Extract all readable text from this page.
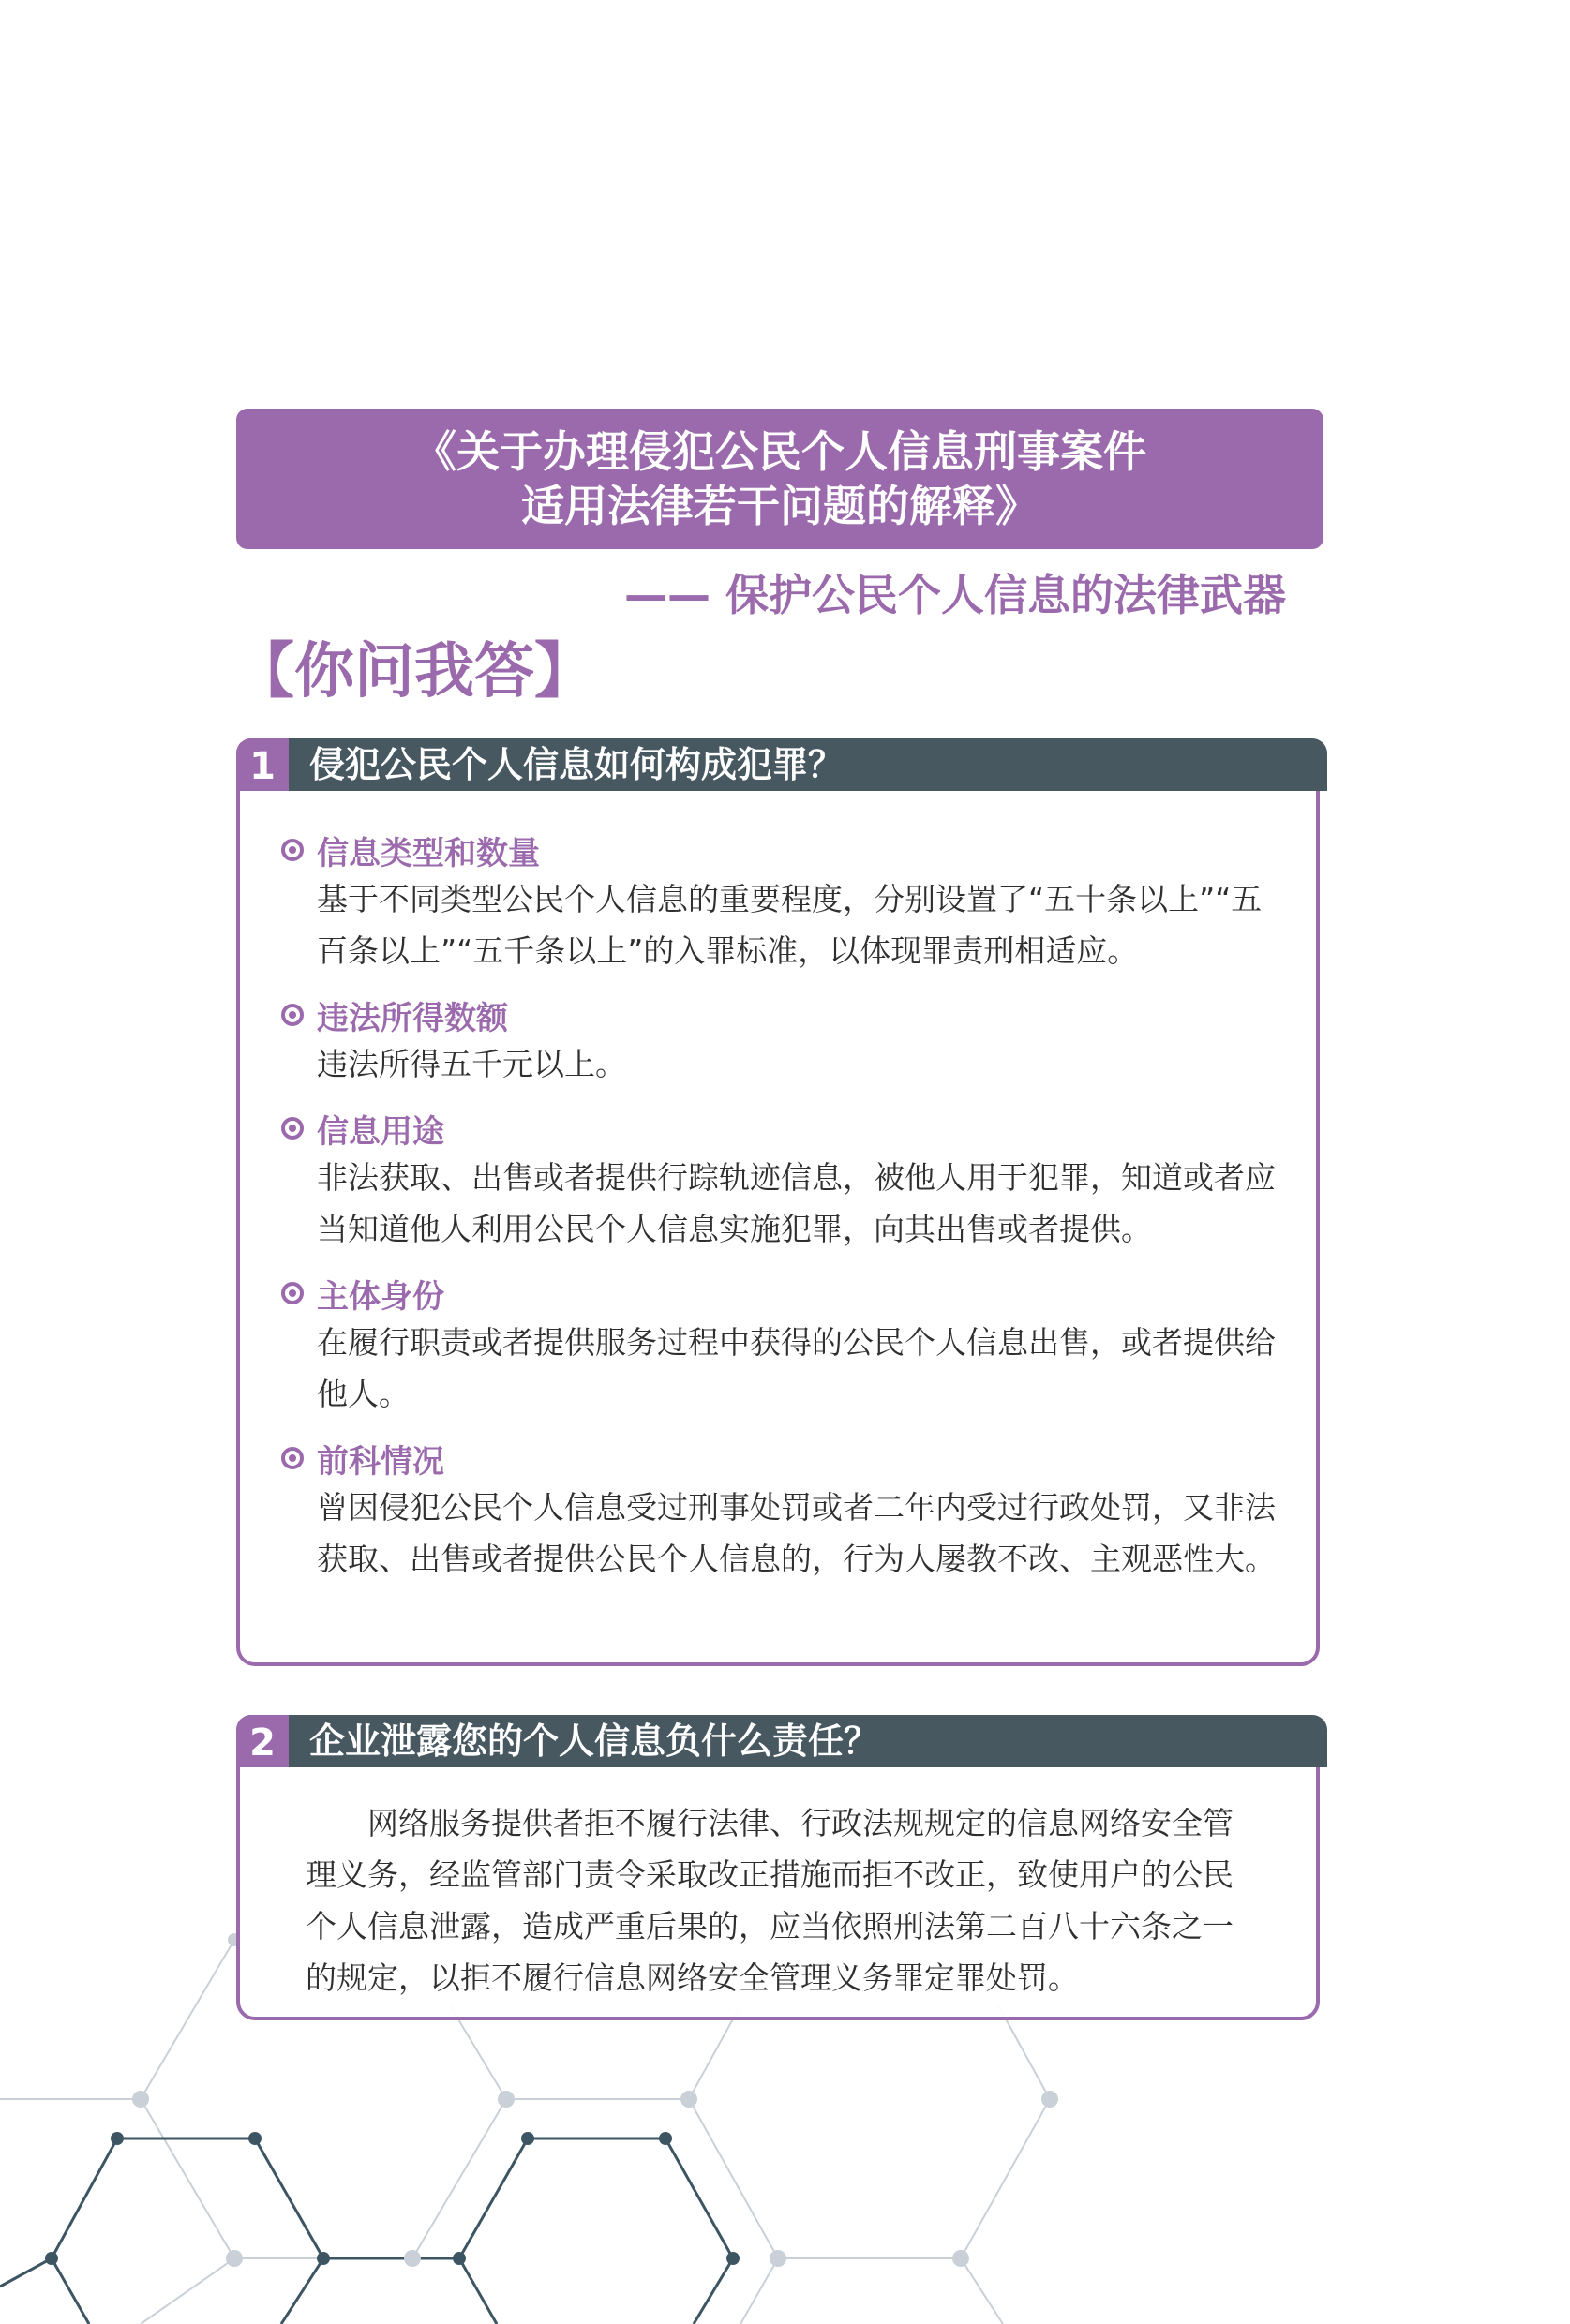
《关于办理侵犯公民个人信息刑事案件
适用法律若干问题的解释》
—— 保护公民个人信息的法律武器
【你问我答】
1 侵犯公民个人信息如何构成犯罪？
信息类型和数量
基于不同类型公民个人信息的重要程度，分别设置了“五十条以上”“五百条以上”“五千条以上”的入罪标准，以体现罪责刑相适应。
违法所得数额
违法所得五千元以上。
信息用途
非法获取、出售或者提供行踪轨迹信息，被他人用于犯罪，知道或者应当知道他人利用公民个人信息实施犯罪，向其出售或者提供。
主体身份
在履行职责或者提供服务过程中获得的公民个人信息出售，或者提供给他人。
前科情况
曾因侵犯公民个人信息受过刑事处罚或者二年内受过行政处罚，又非法获取、出售或者提供公民个人信息的，行为人屡教不改、主观恶性大。
2 企业泄露您的个人信息负什么责任？
网络服务提供者拒不履行法律、行政法规规定的信息网络安全管理义务，经监管部门责令采取改正措施而拒不改正，致使用户的公民个人信息泄露，造成严重后果的，应当依照刑法第二百八十六条之一的规定，以拒不履行信息网络安全管理义务罪定罪处罚。
